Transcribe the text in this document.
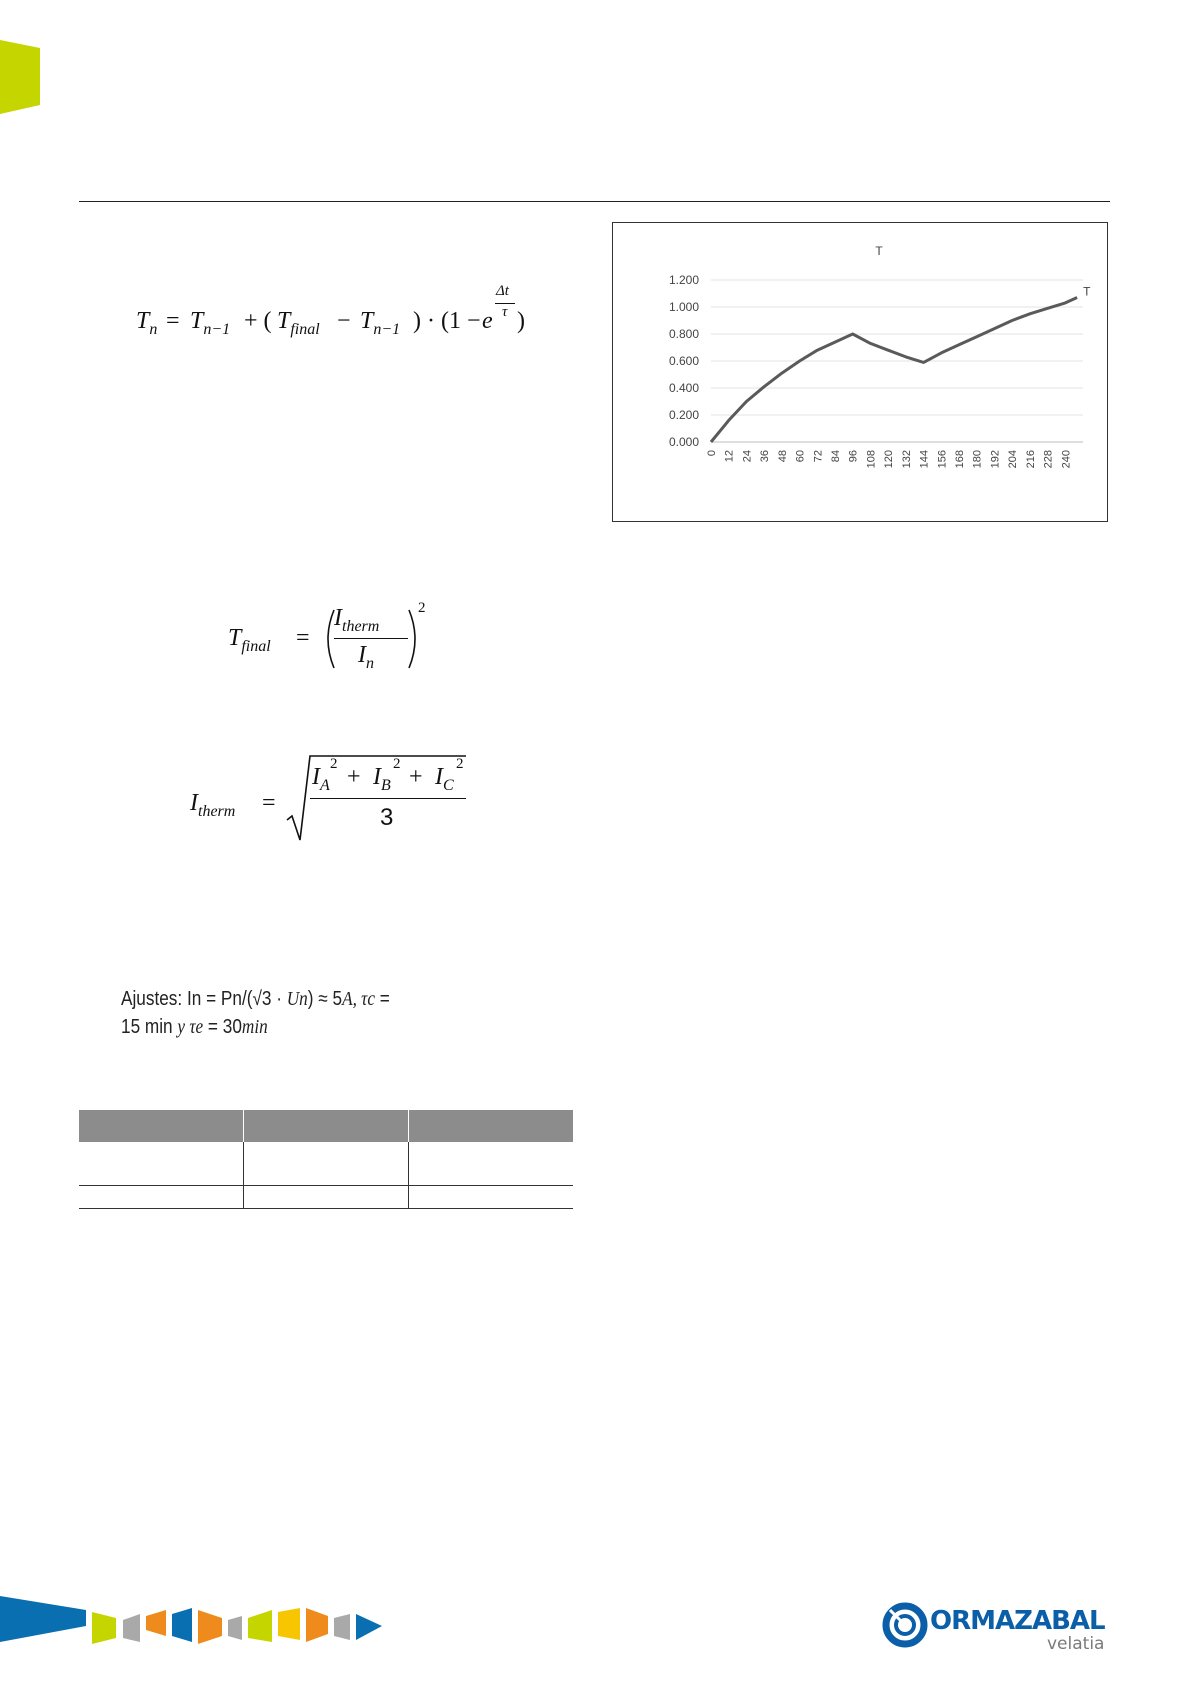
$T_n = T_{n-1}$ + ( $T_{final} - T_{n-1}$ ) · (1 − e
Δt
τ )
T
0.000
0.200
0.400
0.600
0.800
1.000
1.200
0 12 24 36 48 60 72 84 96 108 120 132 144 156 168 180 192 204 216 228 240
T
$T_{final}$ =
$I_{therm}$
$I_n$
2
$I_{therm}$ =
$I_A$
$2 + I_B$
$2 + I_C$
2
3
Ajustes: In = Pn/(√3 · Un) ≈ 5A, τc =
15 min y τe = 30min

ORMAZABAL
velatia
